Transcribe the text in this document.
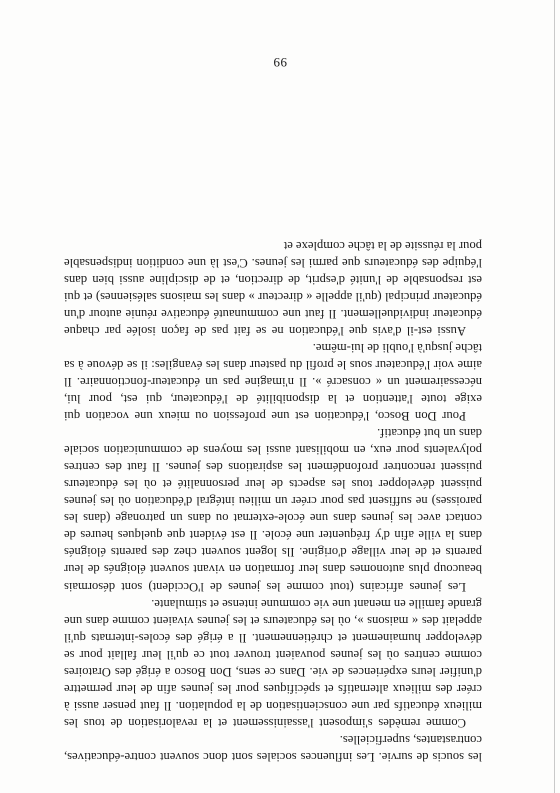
les soucis de survie. Les influences sociales sont donc souvent contre-éducatives, contrastantes, superficielles.

Comme remèdes s'imposent l'assainissement et la revalorisation de tous les milieux éducatifs par une conscientisation de la population. Il faut penser aussi à créer des milieux alternatifs et spécifiques pour les jeunes afin de leur permettre d'unifier leurs expériences de vie. Dans ce sens, Don Bosco a érigé des Oratoires comme centres où les jeunes pouvaient trouver tout ce qu'il leur fallait pour se développer humainement et chrétiennement. Il a érigé des écoles-internats qu'il appelait des « maisons », où les éducateurs et les jeunes vivaient comme dans une grande famille en menant une vie commune intense et stimulante.

Les jeunes africains (tout comme les jeunes de l'Occident) sont désormais beaucoup plus autonomes dans leur formation en vivant souvent éloignés de leur parents et de leur village d'origine. Ils logent souvent chez des parents éloignés dans la ville afin d'y fréquenter une école. Il est évident que quelques heures de contact avec les jeunes dans une école-externat ou dans un patronage (dans les paroisses) ne suffisent pas pour créer un milieu intégral d'éducation où les jeunes puissent développer tous les aspects de leur personnalité et où les éducateurs puissent rencontrer profondément les aspirations des jeunes. Il faut des centres polyvalents pour eux, en mobilisant aussi les moyens de communication sociale dans un but éducatif.

Pour Don Bosco, l'éducation est une profession ou mieux une vocation qui exige toute l'attention et la disponibilité de l'éducateur, qui est, pour lui, nécessairement un « consacré ». Il n'imagine pas un éducateur-fonctionnaire. Il aime voir l'éducateur sous le profil du pasteur dans les évangiles: il se dévoue à sa tâche jusqu'à l'oubli de lui-même.

Aussi est-il d'avis que l'éducation ne se fait pas de façon isolée par chaque éducateur individuellement. Il faut une communauté éducative réunie autour d'un éducateur principal (qu'il appelle « directeur » dans les maisons salésiennes) et qui est responsable de l'unité d'esprit, de direction, et de discipline aussi bien dans l'équipe des éducateurs que parmi les jeunes. C'est là une condition indispensable pour la réussite de la tâche complexe et

99
